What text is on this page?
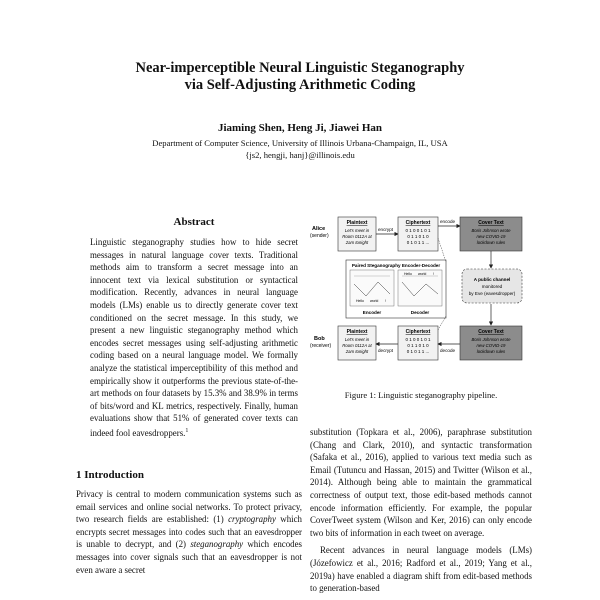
Near-imperceptible Neural Linguistic Steganography
via Self-Adjusting Arithmetic Coding
Jiaming Shen, Heng Ji, Jiawei Han
Department of Computer Science, University of Illinois Urbana-Champaign, IL, USA
{js2, hengji, hanj}@illinois.edu
Abstract

Linguistic steganography studies how to hide secret messages in natural language cover texts. Traditional methods aim to transform a secret message into an innocent text via lexical substitution or syntactical modification. Recently, advances in neural language models (LMs) enable us to directly generate cover text conditioned on the secret message. In this study, we present a new linguistic steganography method which encodes secret messages using self-adjusting arithmetic coding based on a neural language model. We formally analyze the statistical imperceptibility of this method and empirically show it outperforms the previous state-of-the-art methods on four datasets by 15.3% and 38.9% in terms of bits/word and KL metrics, respectively. Finally, human evaluations show that 51% of generated cover texts can indeed fool eavesdroppers.$^1$

1 Introduction

Privacy is central to modern communication systems such as email services and online social networks. To protect privacy, two research fields are established: (1) cryptography which encrypts secret messages into codes such that an eavesdropper is unable to decrypt, and (2) steganography which encodes messages into cover signals such that an eavesdropper is not even aware a secret

Alice
(sender)
Plaintext
Let's meet in
Room 0112A at
2am tonight
encrypt
Ciphertext
0 1 0 0 1 0 1
0 1 1 0 1 0
0 1 0 1 1 ...
encode	Cover Text
Boris Johnson wrote
new COVID-19
lockdown rules
A public channel
monitored
by Eve (eavesdropper)
Paired Steganography Encoder-Decoder
Hello world !
Hello world !
Encoder	Decoder
Bob
(receiver)
Plaintext
Let's meet in
Room 0112A at
2am tonight decrypt
Ciphertext
0 1 0 0 1 0 1
0 1 1 0 1 0
0 1 0 1 1 ... decode
Cover Text
Boris Johnson wrote
new COVID-19
lockdown rules
Figure 1: Linguistic steganography pipeline.

substitution (Topkara et al., 2006), paraphrase substitution (Chang and Clark, 2010), and syntactic transformation (Safaka et al., 2016), applied to various text media such as Email (Tutuncu and Hassan, 2015) and Twitter (Wilson et al., 2014). Although being able to maintain the grammatical correctness of output text, those edit-based methods cannot encode information efficiently. For example, the popular CoverTweet system (Wilson and Ker, 2016) can only encode two bits of information in each tweet on average.

Recent advances in neural language models (LMs) (Józefowicz et al., 2016; Radford et al., 2019; Yang et al., 2019a) have enabled a diagram shift from edit-based methods to generation-based
